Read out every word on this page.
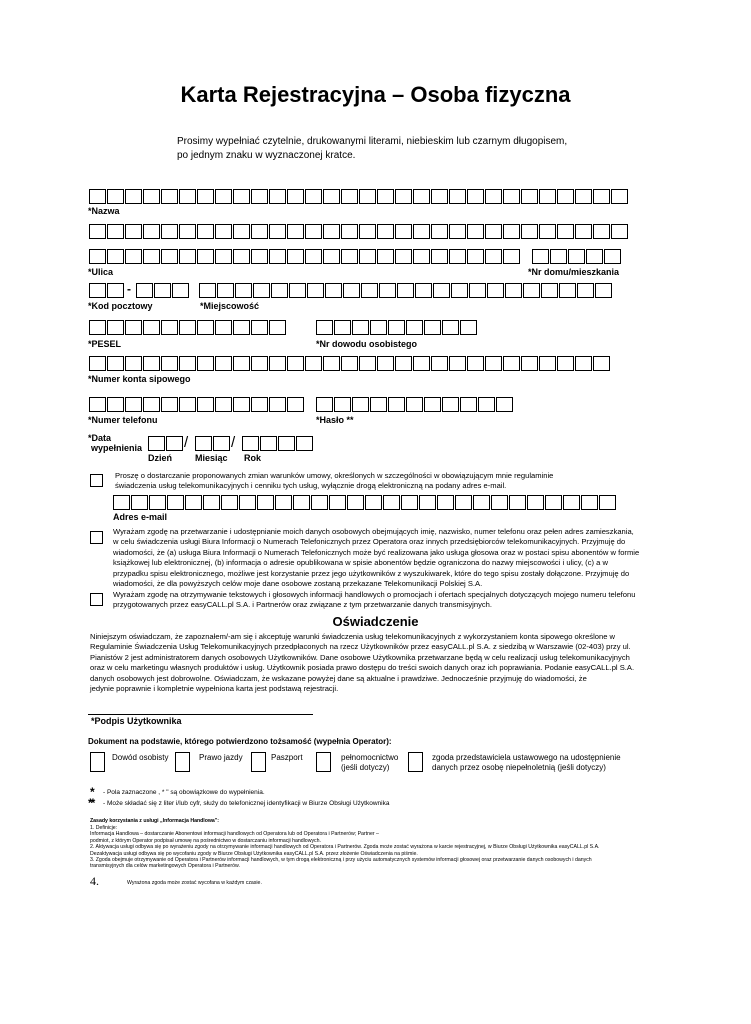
Karta Rejestracyjna – Osoba fizyczna
Prosimy wypełniać czytelnie, drukowanymi literami, niebieskim lub czarnym długopisem,
po jednym znaku w wyznaczonej kratce.
*Nazwa
*Ulica	*Nr domu/mieszkania
-
*Kod pocztowy	*Miejscowość
*PESEL	*Nr dowodu osobistego
*Numer konta sipowego
*Numer telefonu	*Hasło **
*Data
wypełnienia	/	/
Dzień	Miesiąc Rok
Proszę o dostarczanie proponowanych zmian warunków umowy, określonych w szczególności w obowiązującym mnie regulaminie
świadczenia usług telekomunikacyjnych i cenniku tych usług, wyłącznie drogą elektroniczną na podany adres e-mail.
Adres e-mail
Wyrażam zgodę na przetwarzanie i udostępnianie moich danych osobowych obejmujących imię, nazwisko, numer telefonu oraz pełen adres zamieszkania,
w celu świadczenia usługi Biura Informacji o Numerach Telefonicznych przez Operatora oraz innych przedsiębiorców telekomunikacyjnych. Przyjmuję do
wiadomości, że (a) usługa Biura Informacji o Numerach Telefonicznych może być realizowana jako usługa głosowa oraz w postaci spisu abonentów w formie
książkowej lub elektronicznej, (b) informacja o adresie opublikowana w spisie abonentów będzie ograniczona do nazwy miejscowości i ulicy, (c) a w
przypadku spisu elektronicznego, możliwe jest korzystanie przez jego użytkowników z wyszukiwarek, które do tego spisu zostały dołączone. Przyjmuję do
wiadomości, że dla powyższych celów moje dane osobowe zostaną przekazane Telekomunikacji Polskiej S.A.
Wyrażam zgodę na otrzymywanie tekstowych i głosowych informacji handlowych o promocjach i ofertach specjalnych dotyczących mojego numeru telefonu
przygotowanych przez easyCALL.pl S.A. i Partnerów oraz związane z tym przetwarzanie danych transmisyjnych.
Oświadczenie
Niniejszym oświadczam, że zapoznałem/-am się i akceptuję warunki świadczenia usług telekomunikacyjnych z wykorzystaniem konta sipowego określone w
Regulaminie Świadczenia Usług Telekomunikacyjnych przedpłaconych na rzecz Użytkowników przez easyCALL.pl S.A. z siedzibą w Warszawie (02-403) przy ul.
Pianistów 2 jest administratorem danych osobowych Użytkowników. Dane osobowe Użytkownika przetwarzane będą w celu realizacji usług telekomunikacyjnych
oraz w celu marketingu własnych produktów i usług. Użytkownik posiada prawo dostępu do treści swoich danych oraz ich poprawiania. Podanie easyCALL.pl S.A.
danych osobowych jest dobrowolne. Oświadczam, że wskazane powyżej dane są aktualne i prawdziwe. Jednocześnie przyjmuję do wiadomości, że
jedynie poprawnie i kompletnie wypełniona karta jest podstawą rejestracji.
*Podpis Użytkownika
Dokument na podstawie, którego potwierdzono tożsamość (wypełnia Operator):
Dowód osobisty	Prawo jazdy	Paszport	pełnomocnictwo
(jeśli dotyczy)
zgoda przedstawiciela ustawowego na udostępnienie
danych przez osobę niepełnoletnią (jeśli dotyczy)
* - Pola zaznaczone , * " są obowiązkowe do wypełnienia.
** - Może składać się z liter i/lub cyfr, służy do telefonicznej identyfikacji w Biurze Obsługi Użytkownika
Zasady korzystania z usługi „Informacja Handlowa":
1. Definicje:
Informacja Handlowa – dostarczanie Abonentowi informacji handlowych od Operatora lub od Operatora i Partnerów; Partner –
podmiot, z którym Operator podpisał umowę na pośrednictwo w dostarczaniu informacji handlowych.
2. Aktywacja usługi odbywa się po wyrażeniu zgody na otrzymywanie informacji handlowych od Operatora i Partnerów. Zgoda może zostać wyrażona w karcie rejestracyjnej, w Biurze Obsługi Użytkownika easyCALL.pl S.A.
Dezaktywacja usługi odbywa się po wycofaniu zgody w Biurze Obsługi Użytkownika easyCALL.pl S.A. przez złożenie Oświadczenia na piśmie.
3. Zgoda obejmuje otrzymywanie od Operatora i Partnerów informacji handlowych, w tym drogą elektroniczną i przy użyciu automatycznych systemów informacji głosowej oraz przetwarzanie danych osobowych i danych
transmisyjnych dla celów marketingowych Operatora i Partnerów.
4.	Wyrażona zgoda może zostać wycofana w każdym czasie.
